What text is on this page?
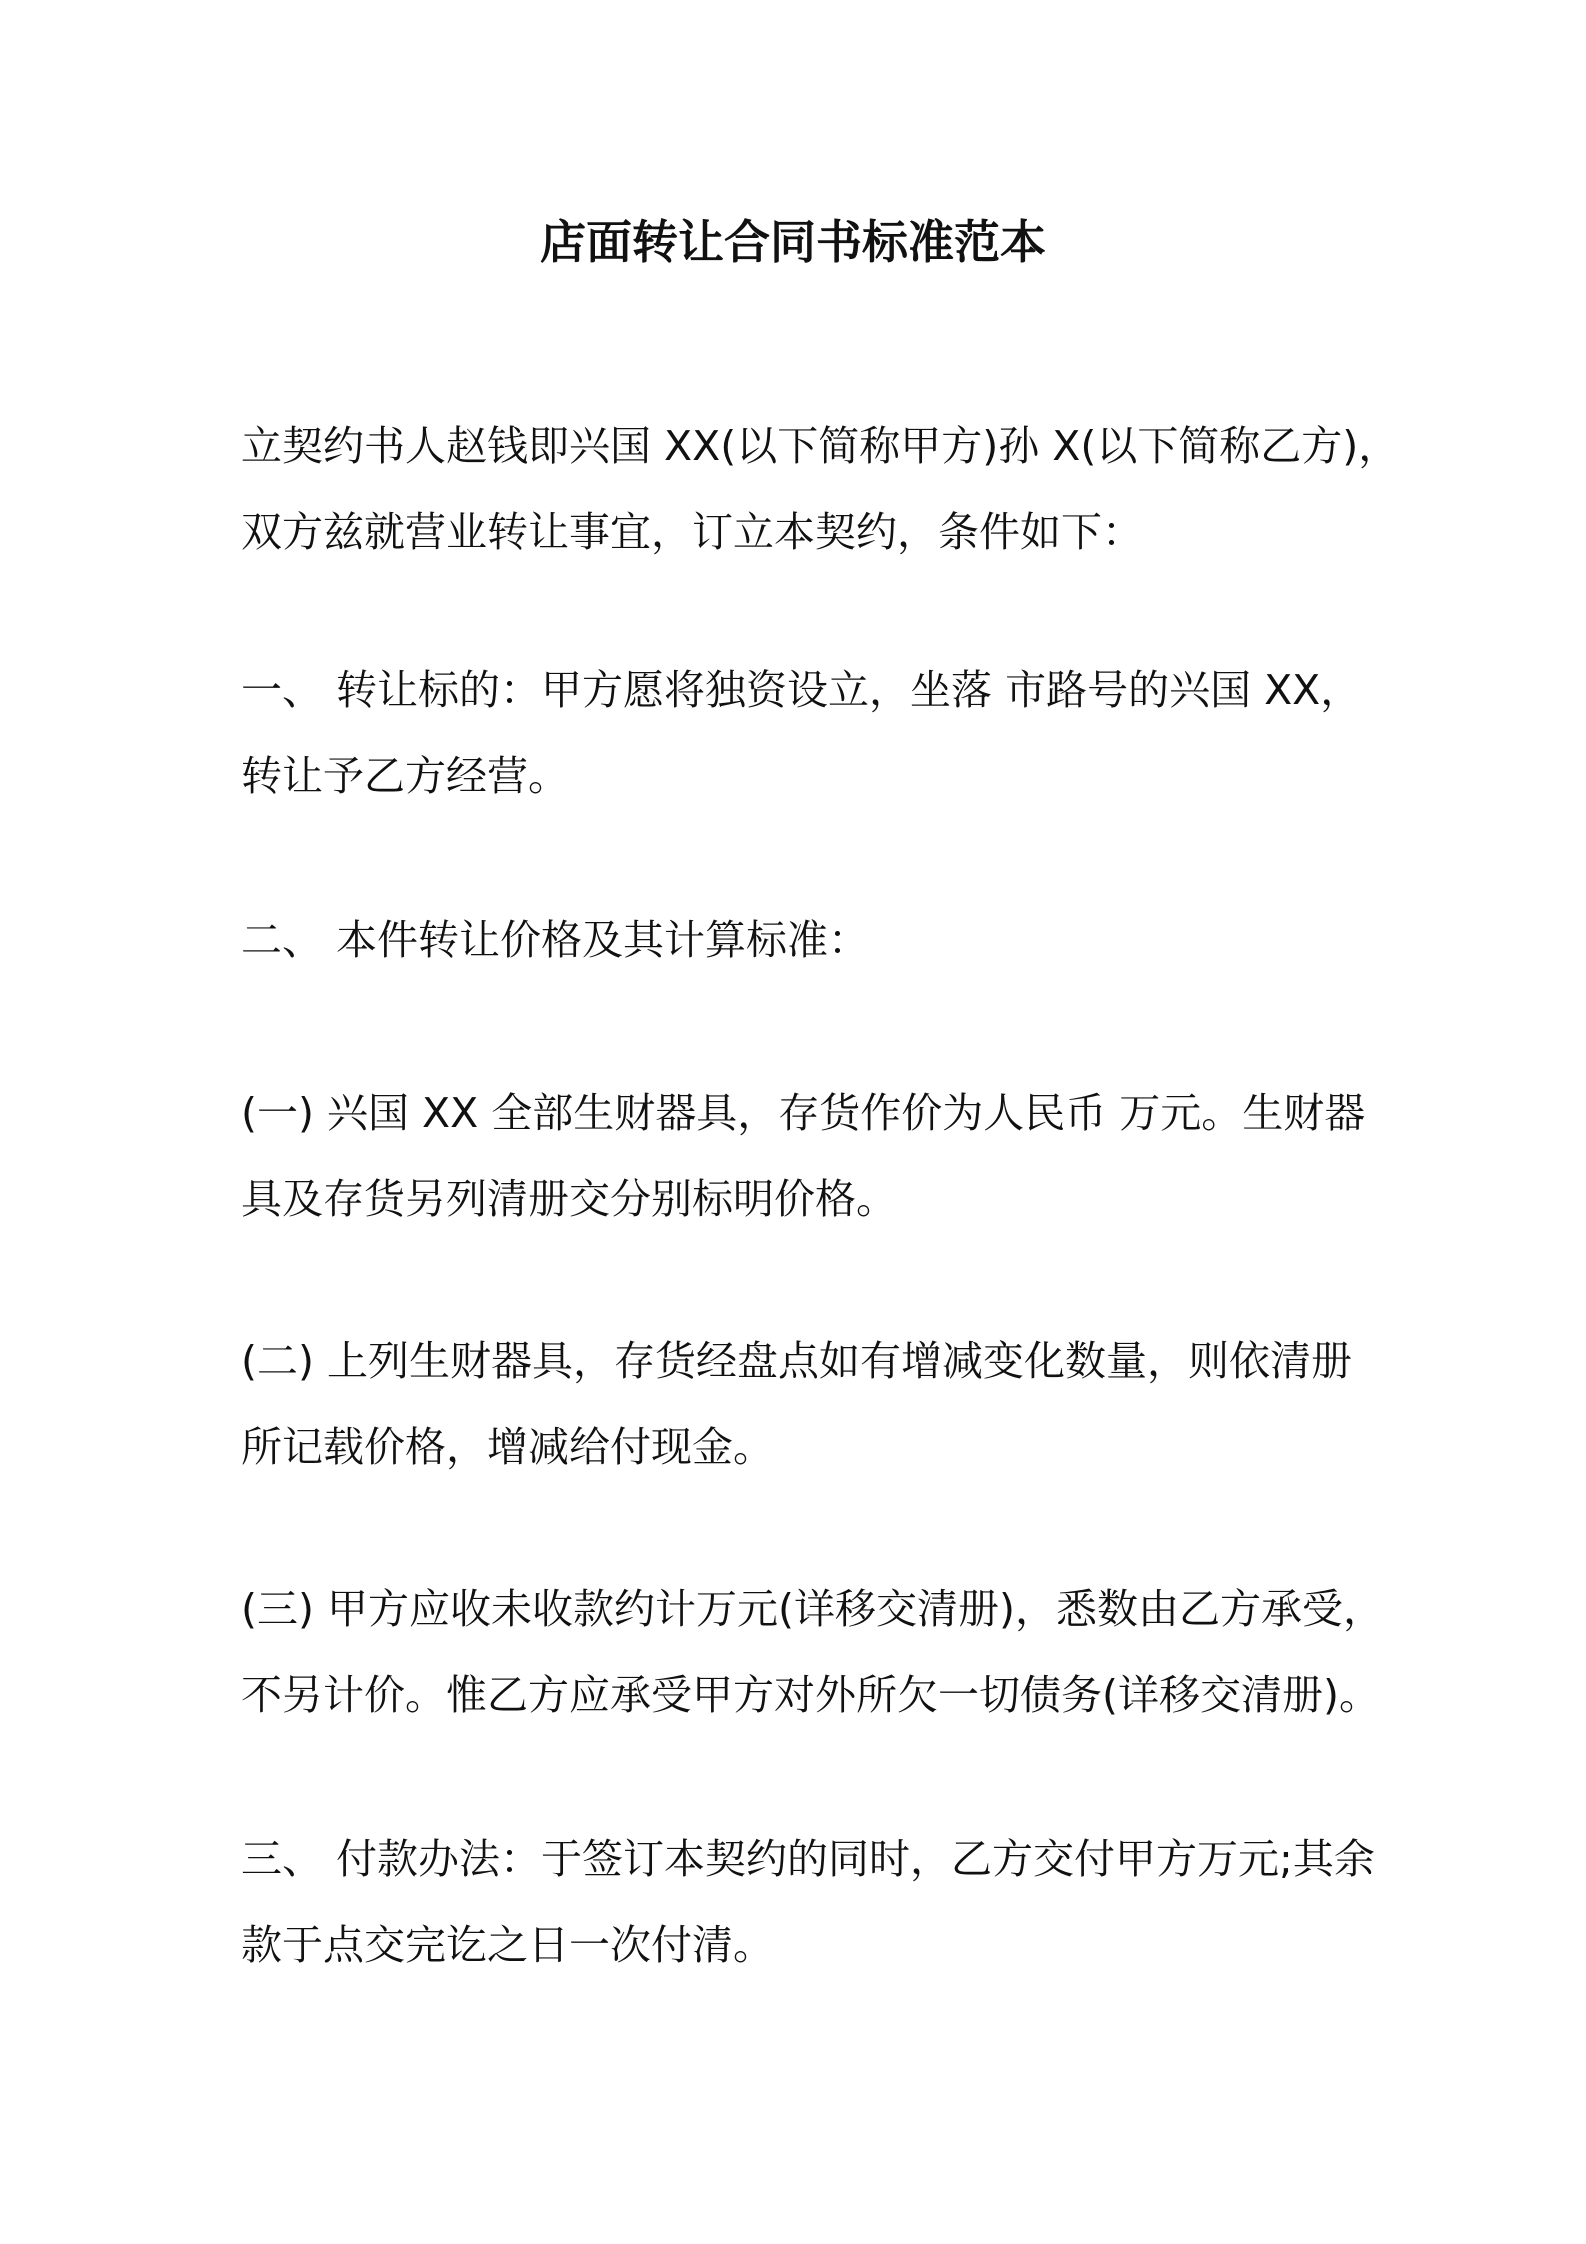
店面转让合同书标准范本
立契约书人赵钱即兴国 XX(以下简称甲方)孙 X(以下简称乙方)，
双方兹就营业转让事宜，订立本契约，条件如下：
一、 转让标的：甲方愿将独资设立，坐落 市路号的兴国 XX，
转让予乙方经营。
二、 本件转让价格及其计算标准：
(一) 兴国 XX 全部生财器具，存货作价为人民币 万元。生财器
具及存货另列清册交分别标明价格。
(二) 上列生财器具，存货经盘点如有增减变化数量，则依清册
所记载价格，增减给付现金。
(三) 甲方应收未收款约计万元(详移交清册)，悉数由乙方承受，
不另计价。惟乙方应承受甲方对外所欠一切债务(详移交清册)。
三、 付款办法：于签订本契约的同时，乙方交付甲方万元;其余
款于点交完讫之日一次付清。
